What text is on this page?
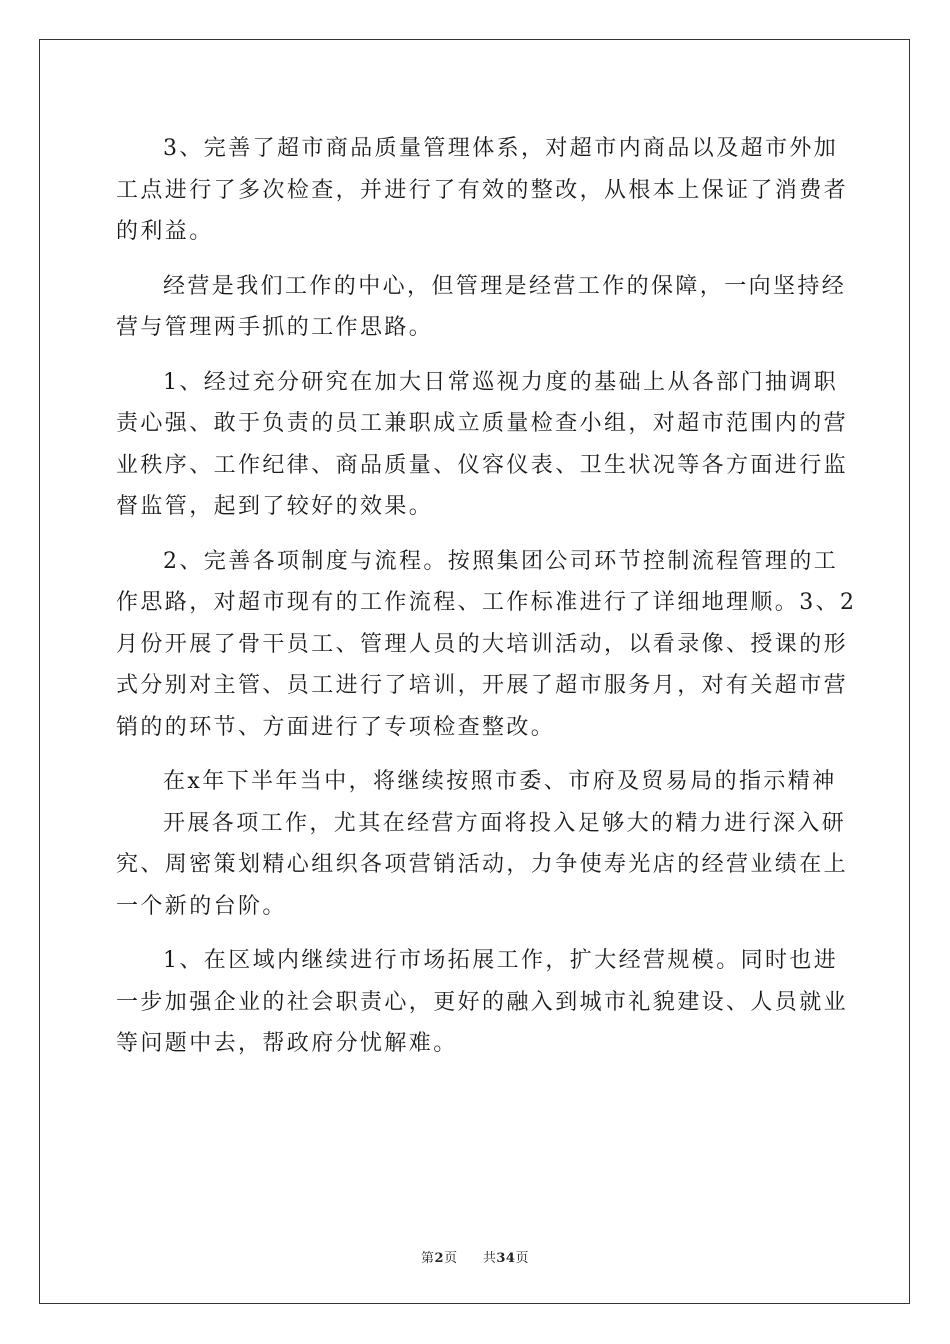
3、完善了超市商品质量管理体系，对超市内商品以及超市外加
工点进行了多次检查，并进行了有效的整改，从根本上保证了消费者
的利益。

经营是我们工作的中心，但管理是经营工作的保障，一向坚持经
营与管理两手抓的工作思路。

1、经过充分研究在加大日常巡视力度的基础上从各部门抽调职
责心强、敢于负责的员工兼职成立质量检查小组，对超市范围内的营
业秩序、工作纪律、商品质量、仪容仪表、卫生状况等各方面进行监
督监管，起到了较好的效果。

2、完善各项制度与流程。按照集团公司环节控制流程管理的工
作思路，对超市现有的工作流程、工作标准进行了详细地理顺。3、2
月份开展了骨干员工、管理人员的大培训活动，以看录像、授课的形
式分别对主管、员工进行了培训，开展了超市服务月，对有关超市营
销的的环节、方面进行了专项检查整改。

在x年下半年当中，将继续按照市委、市府及贸易局的指示精神
开展各项工作，尤其在经营方面将投入足够大的精力进行深入研
究、周密策划精心组织各项营销活动，力争使寿光店的经营业绩在上
一个新的台阶。

1、在区域内继续进行市场拓展工作，扩大经营规模。同时也进
一步加强企业的社会职责心，更好的融入到城市礼貌建设、人员就业
等问题中去，帮政府分忧解难。

第2页 共34页
